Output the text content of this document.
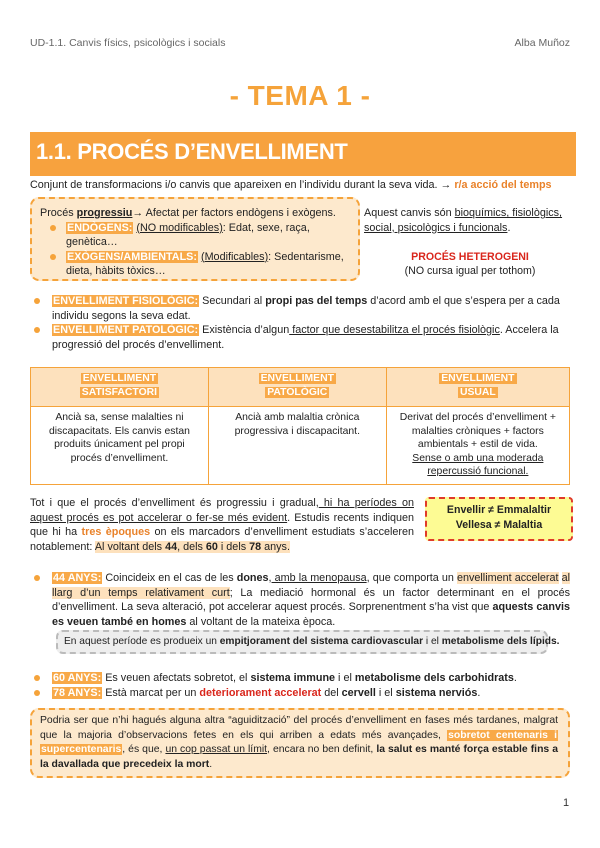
UD-1.1. Canvis físics, psicològics i socials	Alba Muñoz
- TEMA 1 -
1.1. PROCÉS D’ENVELLIMENT
Conjunt de transformacions i/o canvis que apareixen en l’individu durant la seva vida. → r/a acció del temps
Procés progressiu→ Afectat per factors endògens i exògens.
ENDÒGENS: (NO modificables): Edat, sexe, raça,
genètica…
EXÒGENS/AMBIENTALS: (Modificables): Sedentarisme,
dieta, hàbits tòxics…
Aquest canvis són bioquímics, fisiològics,
social, psicològics i funcionals.
PROCÉS HETEROGENI
(NO cursa igual per tothom)
ENVELLIMENT FISIOLÒGIC: Secundari al propi pas del temps d’acord amb el que s’espera per a cada
individu segons la seva edat.
ENVELLIMENT PATOLÒGIC: Existència d’algun factor que desestabilitza el procés fisiològic. Accelera la
progressió del procés d’envelliment.
ENVELLIMENT
SATISFACTORI	ENVELLIMENT
PATOLÒGIC	ENVELLIMENT
USUAL
Ancià sa, sense malalties ni
discapacitats. Els canvis estan
produits únicament pel propi
procés d’envelliment.	Ancià amb malaltia crònica
progressiva i discapacitant.	Derivat del procés d’envelliment +
malalties cròniques + factors
ambientals + estil de vida.
Sense o amb una moderada
repercussió funcional.
Tot i que el procés d’envelliment és progressiu i gradual, hi ha períodes on aquest procés es pot accelerar o fer-se més evident. Estudis recents indiquen que hi ha tres èpoques on els marcadors d’envelliment estudiats s’acceleren notablement: Al voltant dels 44, dels 60 i dels 78 anys.
Envellir ≠ Emmalaltir
Vellesa ≠ Malaltia
44 ANYS: Coincideix en el cas de les dones, amb la menopausa, que comporta un envelliment accelerat al llarg d’un temps relativament curt; La mediació hormonal és un factor determinant en el procés d’envelliment. La seva alteració, pot accelerar aquest procés. Sorprenentment s’ha vist que aquests canvis es veuen també en homes al voltant de la mateixa època.
En aquest període es produeix un empitjorament del sistema cardiovascular i el metabolisme dels lípids.
60 ANYS: Es veuen afectats sobretot, el sistema immune i el metabolisme dels carbohidrats.
78 ANYS: Està marcat per un deteriorament accelerat del cervell i el sistema nerviós.
Podria ser que n’hi hagués alguna altra “aguidització” del procés d’envelliment en fases més tardanes, malgrat que la majoria d’observacions fetes en els qui arriben a edats més avançades, sobretot centenaris i supercentenaris, és que, un cop passat un límit, encara no ben definit, la salut es manté força estable fins a la davallada que precedeix la mort.
1
